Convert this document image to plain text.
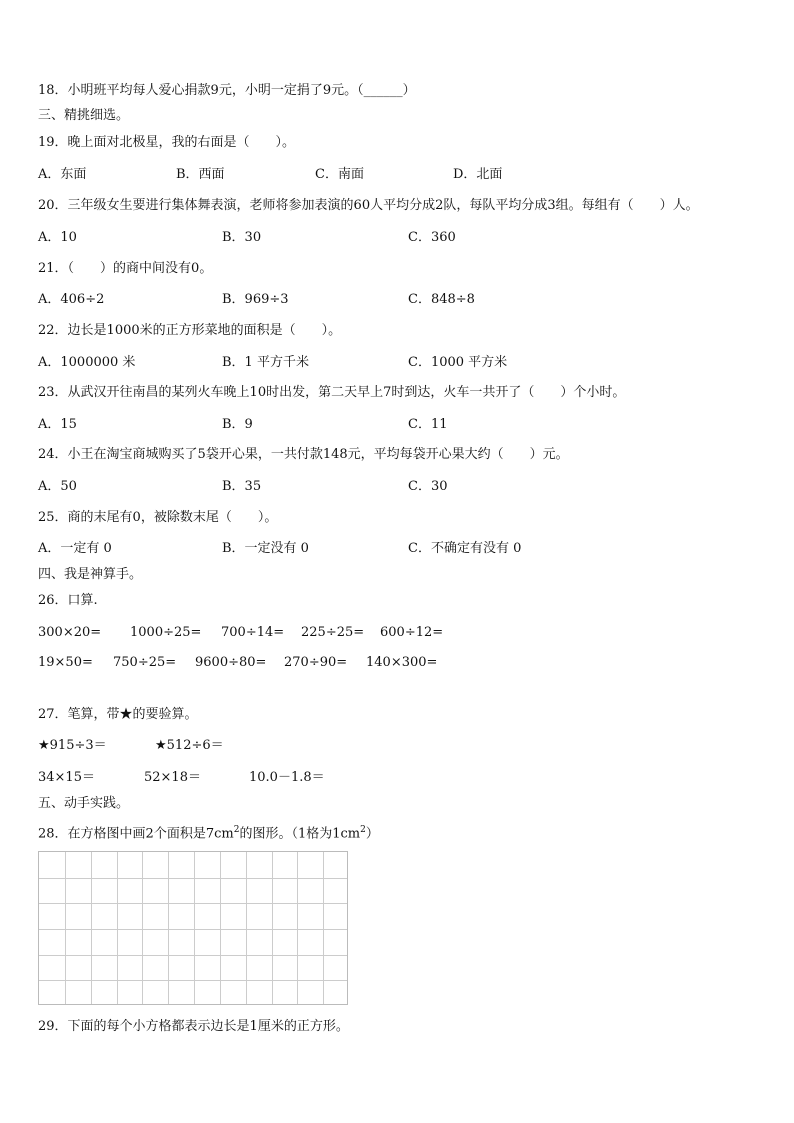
18．小明班平均每人爱心捐款9元，小明一定捐了9元。（______）
三、精挑细选。
19．晚上面对北极星，我的右面是（　　）。
A．东面	B．西面	C．南面	D．北面
20．三年级女生要进行集体舞表演，老师将参加表演的60人平均分成2队，每队平均分成3组。每组有（　　）人。
A．10	B．30	C．360
21．（　　）的商中间没有0。
A．406÷2	B．969÷3	C．848÷8
22．边长是1000米的正方形菜地的面积是（　　）。
A．1000000 米	B．1 平方千米	C．1000 平方米
23．从武汉开往南昌的某列火车晚上10时出发，第二天早上7时到达，火车一共开了（　　）个小时。
A．15	B．9	C．11
24．小王在淘宝商城购买了5袋开心果，一共付款148元，平均每袋开心果大约（　　）元。
A．50	B．35	C．30
25．商的末尾有0，被除数末尾（　　）。
A．一定有 0	B．一定没有 0	C．不确定有没有 0
四、我是神算手。
26．口算.
300×20= 1000÷25= 700÷14= 225÷25= 600÷12=
19×50= 750÷25= 9600÷80= 270÷90= 140×300=
27．笔算，带★的要验算。
★915÷3＝	★512÷6＝
34×15＝	52×18＝	10.0－1.8＝
五、动手实践。
28．在方格图中画2个面积是$7cm^2$的图形。（1格为$1cm^2$）
29．下面的每个小方格都表示边长是1厘米的正方形。
